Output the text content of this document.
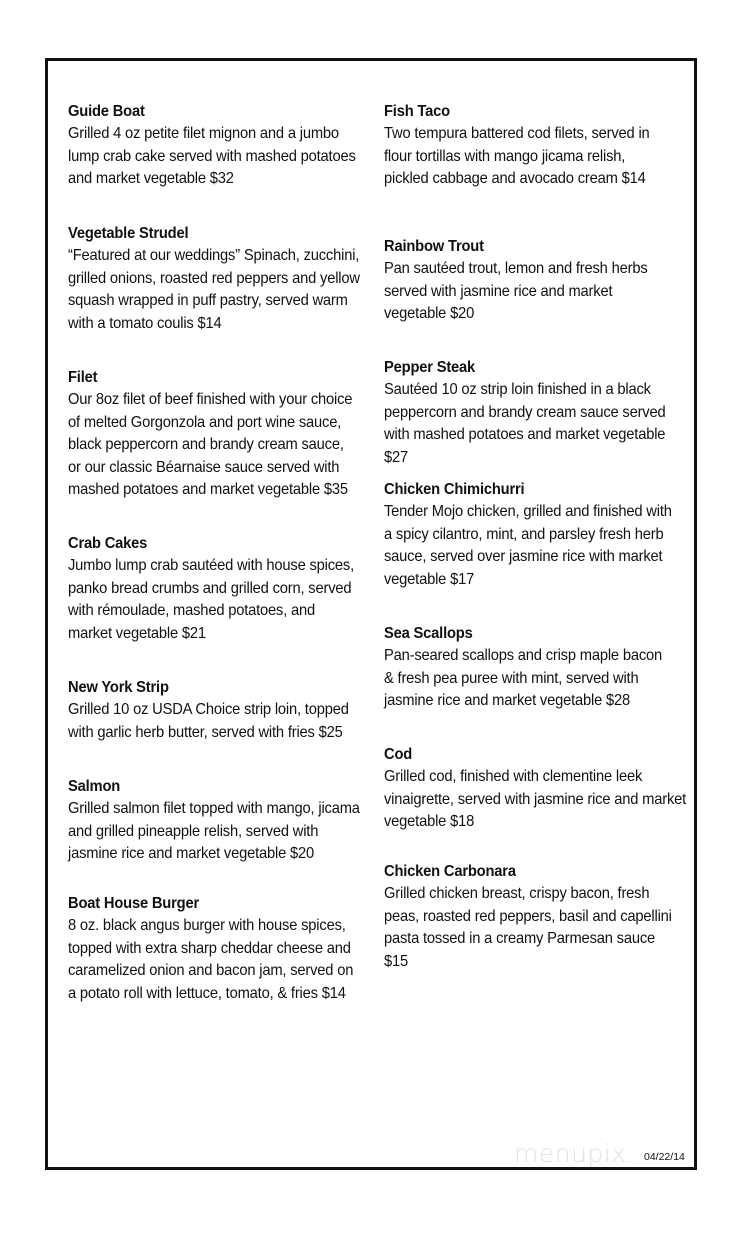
Guide Boat
Grilled 4 oz petite filet mignon and a jumbo
lump crab cake served with mashed potatoes
and market vegetable $32
Vegetable Strudel
“Featured at our weddings” Spinach, zucchini,
grilled onions, roasted red peppers and yellow
squash wrapped in puff pastry, served warm
with a tomato coulis $14
Filet
Our 8oz filet of beef finished with your choice
of melted Gorgonzola and port wine sauce,
black peppercorn and brandy cream sauce,
or our classic Béarnaise sauce served with
mashed potatoes and market vegetable $35
Crab Cakes
Jumbo lump crab sautéed with house spices,
panko bread crumbs and grilled corn, served
with rémoulade, mashed potatoes, and
market vegetable $21
New York Strip
Grilled 10 oz USDA Choice strip loin, topped
with garlic herb butter, served with fries $25
Salmon
Grilled salmon filet topped with mango, jicama
and grilled pineapple relish, served with
jasmine rice and market vegetable $20
Boat House Burger
8 oz. black angus burger with house spices,
topped with extra sharp cheddar cheese and
caramelized onion and bacon jam, served on
a potato roll with lettuce, tomato, & fries $14
Fish Taco
Two tempura battered cod filets, served in
flour tortillas with mango jicama relish,
pickled cabbage and avocado cream $14
Rainbow Trout
Pan sautéed trout, lemon and fresh herbs
served with jasmine rice and market
vegetable $20
Pepper Steak
Sautéed 10 oz strip loin finished in a black
peppercorn and brandy cream sauce served
with mashed potatoes and market vegetable $27
Chicken Chimichurri
Tender Mojo chicken, grilled and finished with
a spicy cilantro, mint, and parsley fresh herb
sauce, served over jasmine rice with market
vegetable $17
Sea Scallops
Pan-seared scallops and crisp maple bacon
& fresh pea puree with mint, served with
jasmine rice and market vegetable $28
Cod
Grilled cod, finished with clementine leek
vinaigrette, served with jasmine rice and market
vegetable $18
Chicken Carbonara
Grilled chicken breast, crispy bacon, fresh
peas, roasted red peppers, basil and capellini
pasta tossed in a creamy Parmesan sauce
$15
menupix 04/22/14
